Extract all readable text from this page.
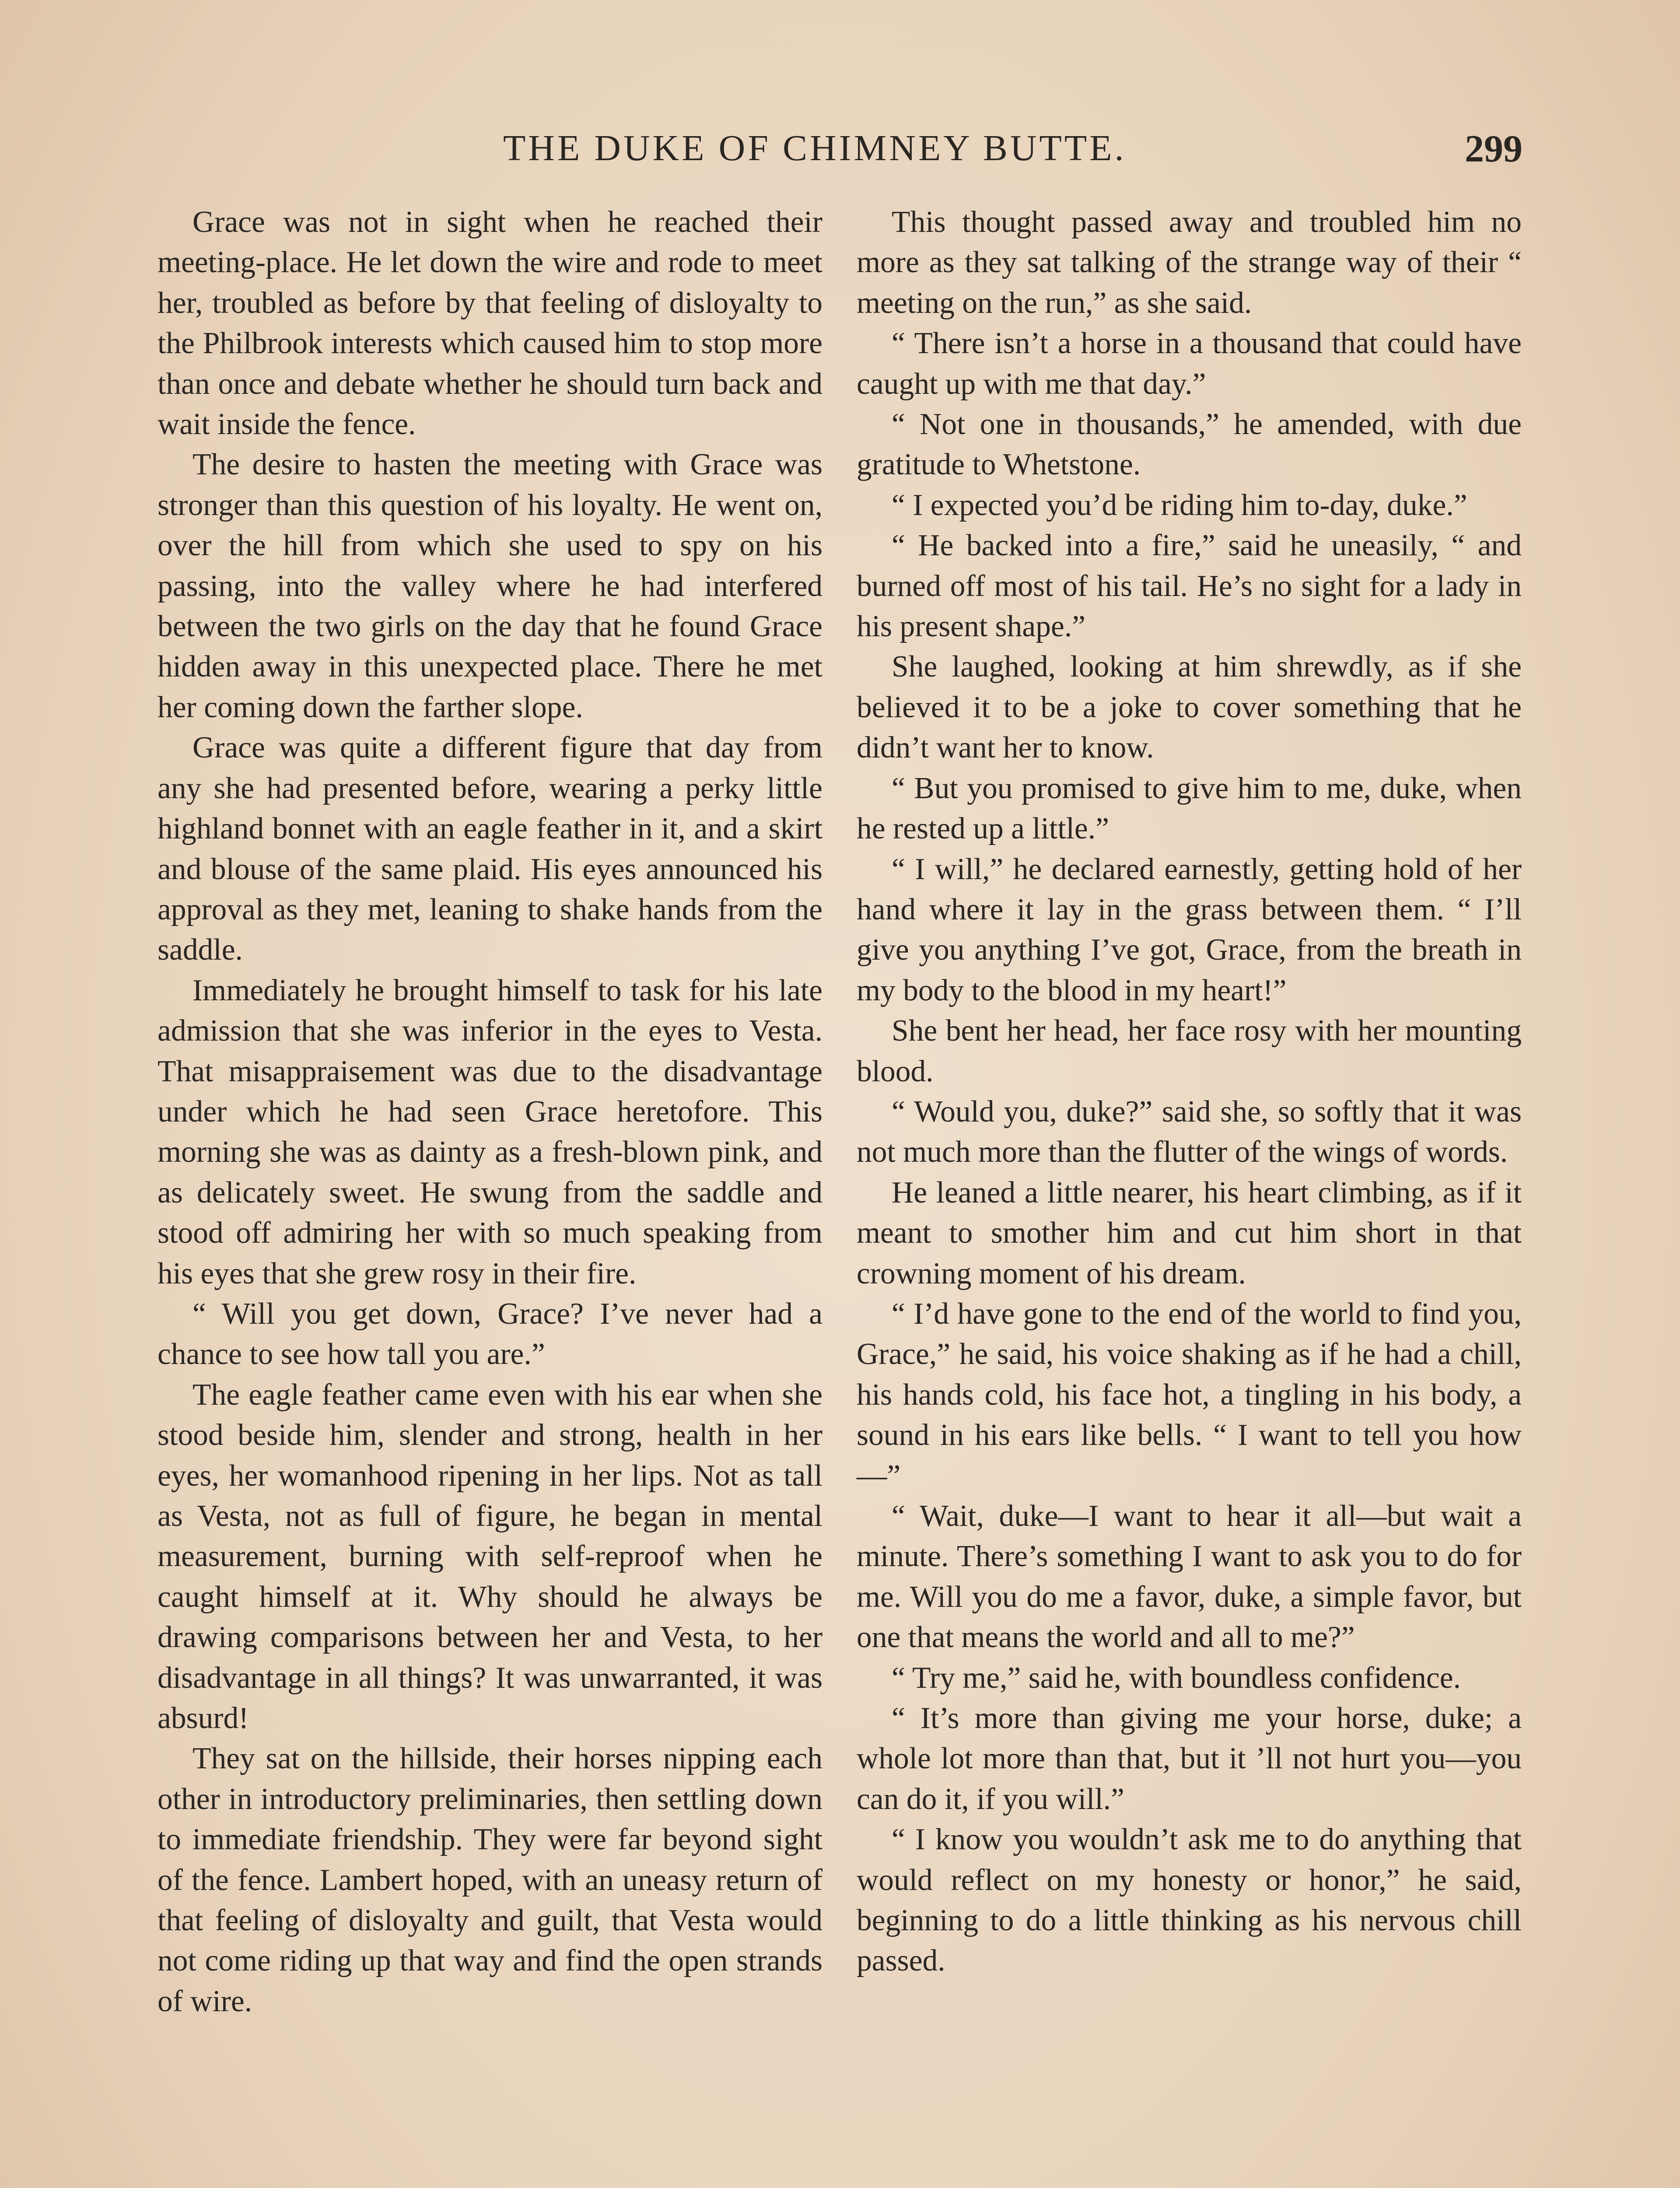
THE DUKE OF CHIMNEY BUTTE.	299

Grace was not in sight when he reached their meeting-place. He let down the wire and rode to meet her, troubled as before by that feeling of disloyalty to the Philbrook interests which caused him to stop more than once and debate whether he should turn back and wait inside the fence.

The desire to hasten the meeting with Grace was stronger than this question of his loyalty. He went on, over the hill from which she used to spy on his passing, into the valley where he had interfered between the two girls on the day that he found Grace hidden away in this unexpected place. There he met her coming down the farther slope.

Grace was quite a different figure that day from any she had presented before, wearing a perky little highland bonnet with an eagle feather in it, and a skirt and blouse of the same plaid. His eyes announced his approval as they met, leaning to shake hands from the saddle.

Immediately he brought himself to task for his late admission that she was inferior in the eyes to Vesta. That misappraisement was due to the disadvantage under which he had seen Grace heretofore. This morning she was as dainty as a fresh-blown pink, and as delicately sweet. He swung from the saddle and stood off admiring her with so much speaking from his eyes that she grew rosy in their fire.

“ Will you get down, Grace? I’ve never had a chance to see how tall you are.”

The eagle feather came even with his ear when she stood beside him, slender and strong, health in her eyes, her womanhood ripening in her lips. Not as tall as Vesta, not as full of figure, he began in mental measurement, burning with self-reproof when he caught himself at it. Why should he always be drawing comparisons between her and Vesta, to her disadvantage in all things? It was unwarranted, it was absurd!

They sat on the hillside, their horses nipping each other in introductory preliminaries, then settling down to immediate friendship. They were far beyond sight of the fence. Lambert hoped, with an uneasy return of that feeling of disloyalty and guilt, that Vesta would not come riding up that way and find the open strands of wire.

This thought passed away and troubled him no more as they sat talking of the strange way of their “ meeting on the run,” as she said.

“ There isn’t a horse in a thousand that could have caught up with me that day.”

“ Not one in thousands,” he amended, with due gratitude to Whetstone.

“ I expected you’d be riding him to-day, duke.”

“ He backed into a fire,” said he uneasily, “ and burned off most of his tail. He’s no sight for a lady in his present shape.”

She laughed, looking at him shrewdly, as if she believed it to be a joke to cover something that he didn’t want her to know.

“ But you promised to give him to me, duke, when he rested up a little.”

“ I will,” he declared earnestly, getting hold of her hand where it lay in the grass between them. “ I’ll give you anything I’ve got, Grace, from the breath in my body to the blood in my heart!”

She bent her head, her face rosy with her mounting blood.

“ Would you, duke?” said she, so softly that it was not much more than the flutter of the wings of words.

He leaned a little nearer, his heart climbing, as if it meant to smother him and cut him short in that crowning moment of his dream.

“ I’d have gone to the end of the world to find you, Grace,” he said, his voice shaking as if he had a chill, his hands cold, his face hot, a tingling in his body, a sound in his ears like bells. “ I want to tell you how—”

“ Wait, duke—I want to hear it all—but wait a minute. There’s something I want to ask you to do for me. Will you do me a favor, duke, a simple favor, but one that means the world and all to me?”

“ Try me,” said he, with boundless confidence.

“ It’s more than giving me your horse, duke; a whole lot more than that, but it ’ll not hurt you—you can do it, if you will.”

“ I know you wouldn’t ask me to do anything that would reflect on my honesty or honor,” he said, beginning to do a little thinking as his nervous chill passed.
